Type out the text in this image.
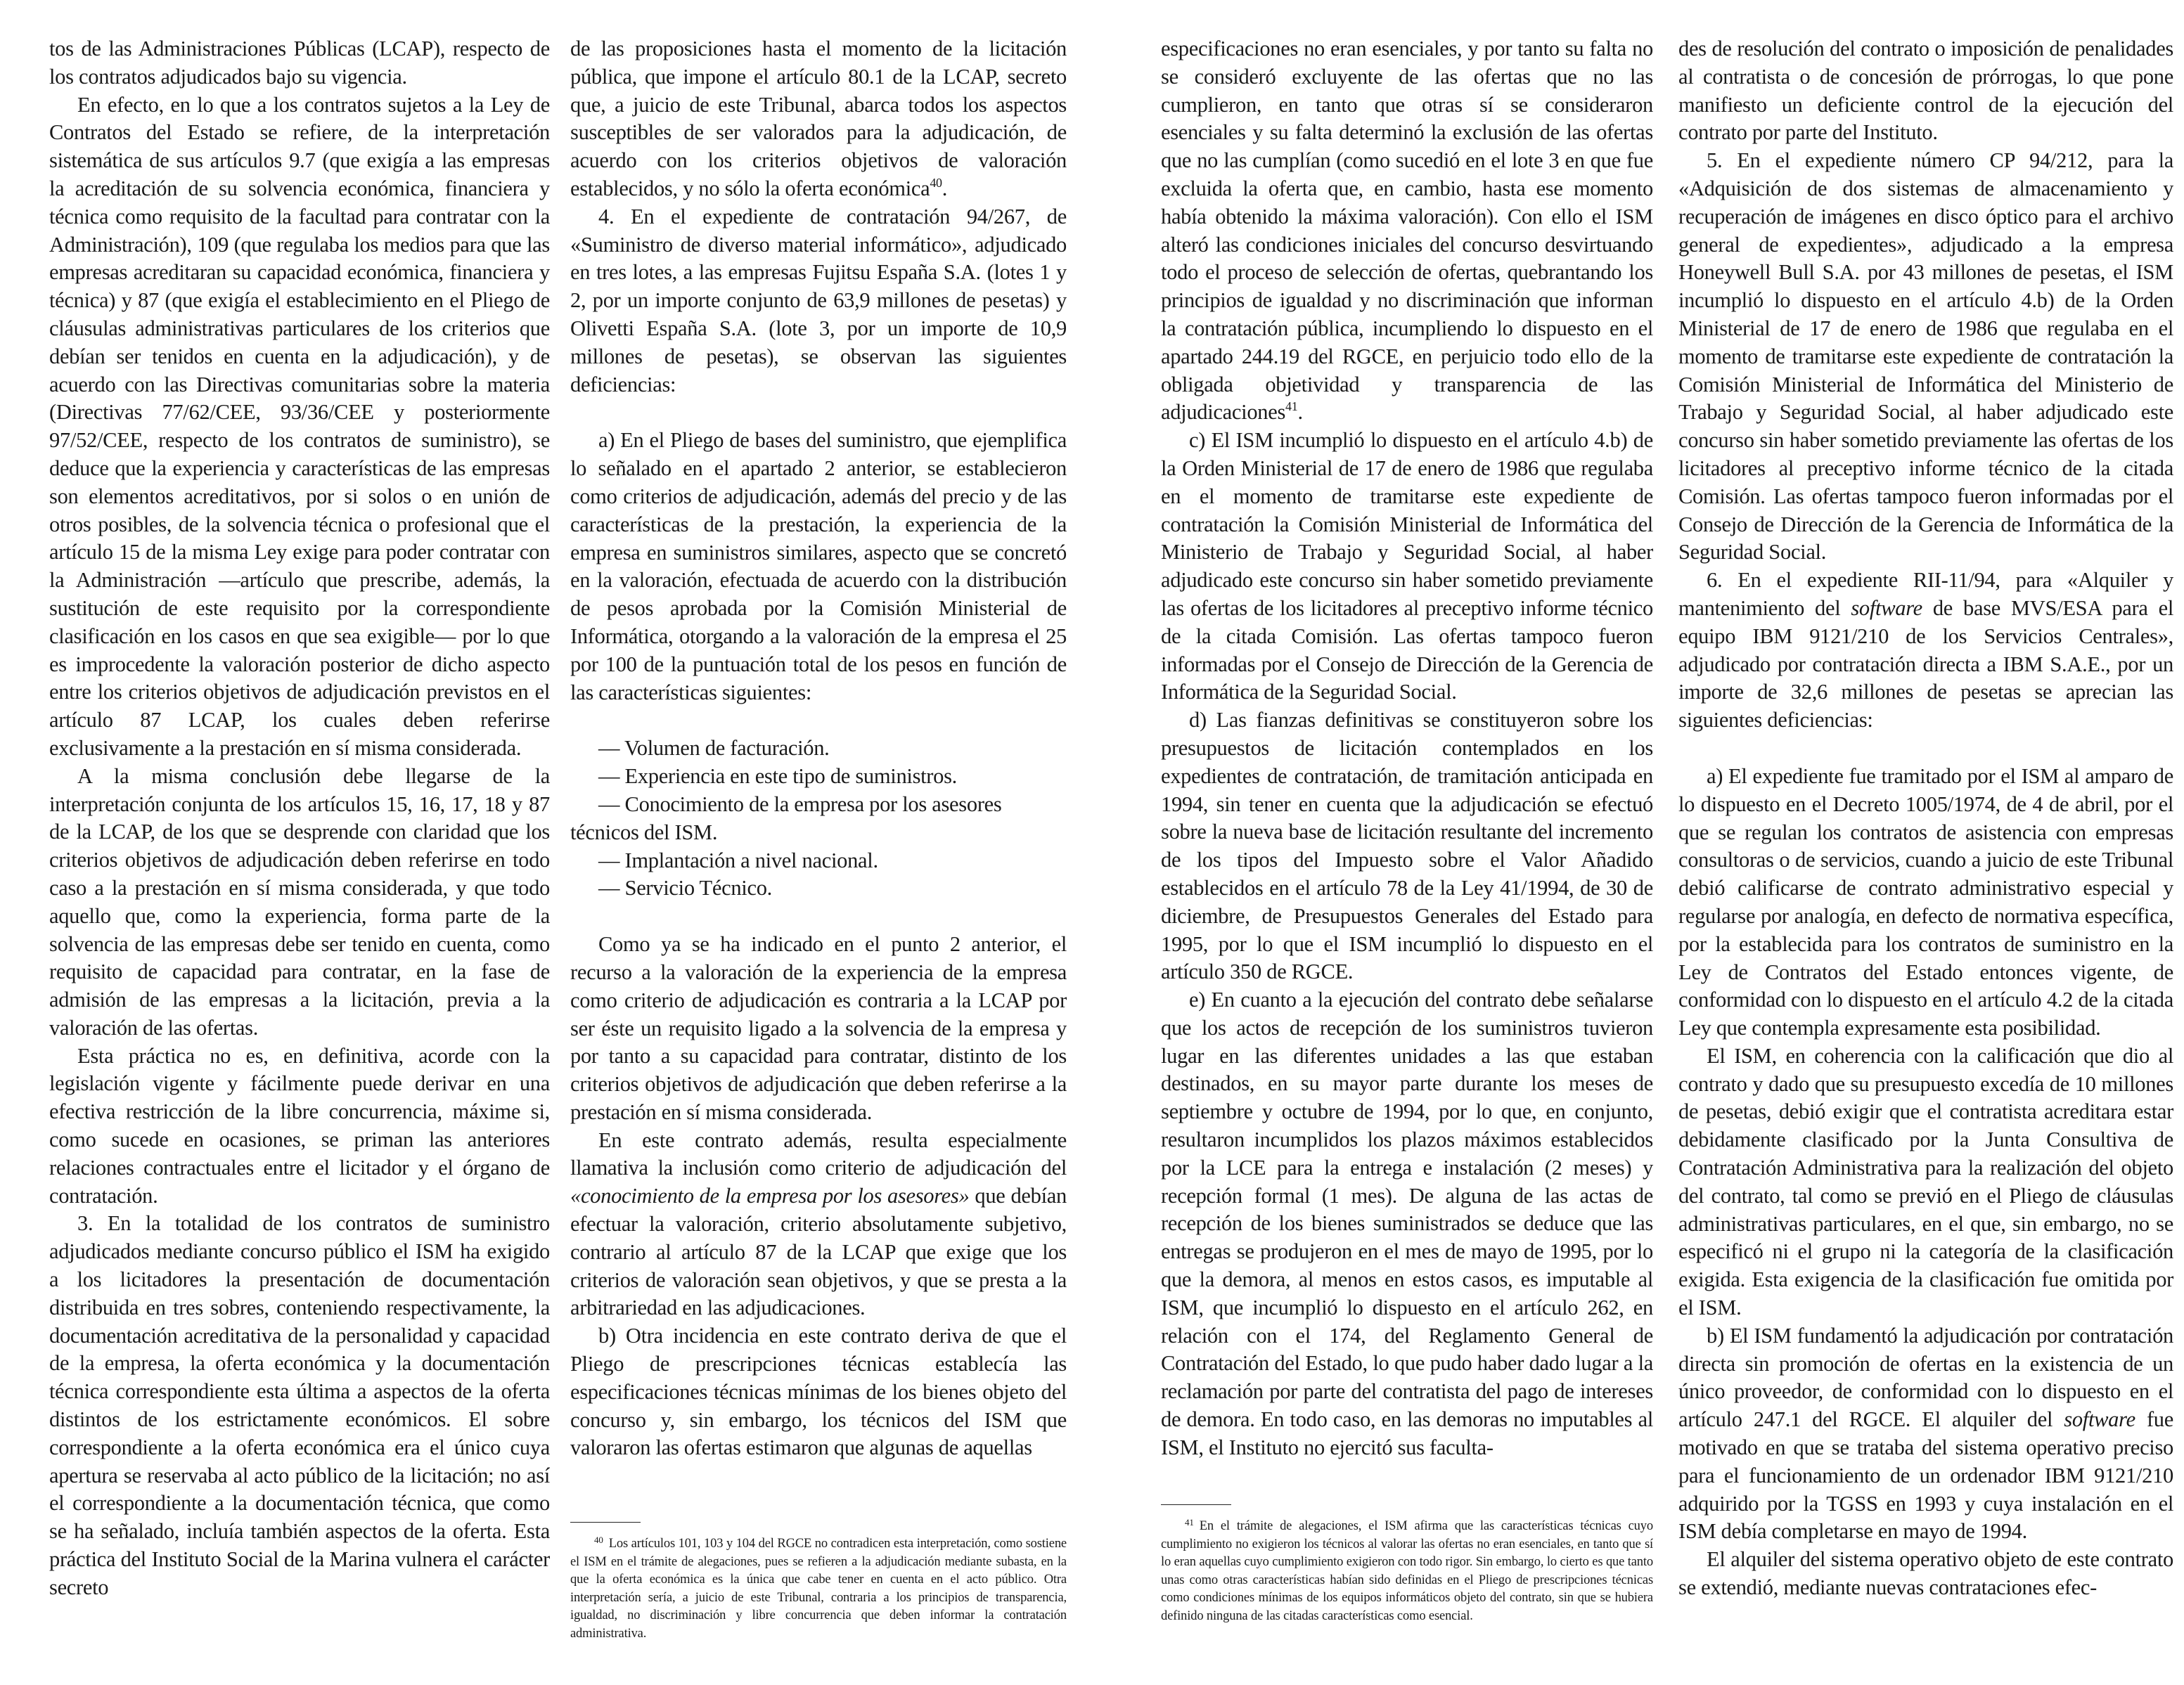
tos de las Administraciones Públicas (LCAP), respecto de los contratos adjudicados bajo su vigencia.

En efecto, en lo que a los contratos sujetos a la Ley de Contratos del Estado se refiere, de la interpretación sistemática de sus artículos 9.7 (que exigía a las empresas la acreditación de su solvencia económica, financiera y técnica como requisito de la facultad para contratar con la Administración), 109 (que regulaba los medios para que las empresas acreditaran su capacidad económica, financiera y técnica) y 87 (que exigía el establecimiento en el Pliego de cláusulas administrativas particulares de los criterios que debían ser tenidos en cuenta en la adjudicación), y de acuerdo con las Directivas comunitarias sobre la materia (Directivas 77/62/CEE, 93/36/CEE y posteriormente 97/52/CEE, respecto de los contratos de suministro), se deduce que la experiencia y características de las empresas son elementos acreditativos, por si solos o en unión de otros posibles, de la solvencia técnica o profesional que el artículo 15 de la misma Ley exige para poder contratar con la Administración —artículo que prescribe, además, la sustitución de este requisito por la correspondiente clasificación en los casos en que sea exigible— por lo que es improcedente la valoración posterior de dicho aspecto entre los criterios objetivos de adjudicación previstos en el artículo 87 LCAP, los cuales deben referirse exclusivamente a la prestación en sí misma considerada.

A la misma conclusión debe llegarse de la interpretación conjunta de los artículos 15, 16, 17, 18 y 87 de la LCAP, de los que se desprende con claridad que los criterios objetivos de adjudicación deben referirse en todo caso a la prestación en sí misma considerada, y que todo aquello que, como la experiencia, forma parte de la solvencia de las empresas debe ser tenido en cuenta, como requisito de capacidad para contratar, en la fase de admisión de las empresas a la licitación, previa a la valoración de las ofertas.

Esta práctica no es, en definitiva, acorde con la legislación vigente y fácilmente puede derivar en una efectiva restricción de la libre concurrencia, máxime si, como sucede en ocasiones, se priman las anteriores relaciones contractuales entre el licitador y el órgano de contratación.

3. En la totalidad de los contratos de suministro adjudicados mediante concurso público el ISM ha exigido a los licitadores la presentación de documentación distribuida en tres sobres, conteniendo respectivamente, la documentación acreditativa de la personalidad y capacidad de la empresa, la oferta económica y la documentación técnica correspondiente esta última a aspectos de la oferta distintos de los estrictamente económicos. El sobre correspondiente a la oferta económica era el único cuya apertura se reservaba al acto público de la licitación; no así el correspondiente a la documentación técnica, que como se ha señalado, incluía también aspectos de la oferta. Esta práctica del Instituto Social de la Marina vulnera el carácter secreto

de las proposiciones hasta el momento de la licitación pública, que impone el artículo 80.1 de la LCAP, secreto que, a juicio de este Tribunal, abarca todos los aspectos susceptibles de ser valorados para la adjudicación, de acuerdo con los criterios objetivos de valoración establecidos, y no sólo la oferta económica$^{40}$.

4. En el expediente de contratación 94/267, de «Suministro de diverso material informático», adjudicado en tres lotes, a las empresas Fujitsu España S.A. (lotes 1 y 2, por un importe conjunto de 63,9 millones de pesetas) y Olivetti España S.A. (lote 3, por un importe de 10,9 millones de pesetas), se observan las siguientes deficiencias:

a) En el Pliego de bases del suministro, que ejemplifica lo señalado en el apartado 2 anterior, se establecieron como criterios de adjudicación, además del precio y de las características de la prestación, la experiencia de la empresa en suministros similares, aspecto que se concretó en la valoración, efectuada de acuerdo con la distribución de pesos aprobada por la Comisión Ministerial de Informática, otorgando a la valoración de la empresa el 25 por 100 de la puntuación total de los pesos en función de las características siguientes:

— Volumen de facturación.

— Experiencia en este tipo de suministros.

— Conocimiento de la empresa por los asesores técnicos del ISM.

— Implantación a nivel nacional.

— Servicio Técnico.

Como ya se ha indicado en el punto 2 anterior, el recurso a la valoración de la experiencia de la empresa como criterio de adjudicación es contraria a la LCAP por ser éste un requisito ligado a la solvencia de la empresa y por tanto a su capacidad para contratar, distinto de los criterios objetivos de adjudicación que deben referirse a la prestación en sí misma considerada.

En este contrato además, resulta especialmente llamativa la inclusión como criterio de adjudicación del «conocimiento de la empresa por los asesores» que debían efectuar la valoración, criterio absolutamente subjetivo, contrario al artículo 87 de la LCAP que exige que los criterios de valoración sean objetivos, y que se presta a la arbitrariedad en las adjudicaciones.

b) Otra incidencia en este contrato deriva de que el Pliego de prescripciones técnicas establecía las especificaciones técnicas mínimas de los bienes objeto del concurso y, sin embargo, los técnicos del ISM que valoraron las ofertas estimaron que algunas de aquellas

$^{40}$ Los artículos 101, 103 y 104 del RGCE no contradicen esta interpretación, como sostiene el ISM en el trámite de alegaciones, pues se refieren a la adjudicación mediante subasta, en la que la oferta económica es la única que cabe tener en cuenta en el acto público. Otra interpretación sería, a juicio de este Tribunal, contraria a los principios de transparencia, igualdad, no discriminación y libre concurrencia que deben informar la contratación administrativa.

especificaciones no eran esenciales, y por tanto su falta no se consideró excluyente de las ofertas que no las cumplieron, en tanto que otras sí se consideraron esenciales y su falta determinó la exclusión de las ofertas que no las cumplían (como sucedió en el lote 3 en que fue excluida la oferta que, en cambio, hasta ese momento había obtenido la máxima valoración). Con ello el ISM alteró las condiciones iniciales del concurso desvirtuando todo el proceso de selección de ofertas, quebrantando los principios de igualdad y no discriminación que informan la contratación pública, incumpliendo lo dispuesto en el apartado 244.19 del RGCE, en perjuicio todo ello de la obligada objetividad y transparencia de las adjudicaciones$^{41}$.

c) El ISM incumplió lo dispuesto en el artículo 4.b) de la Orden Ministerial de 17 de enero de 1986 que regulaba en el momento de tramitarse este expediente de contratación la Comisión Ministerial de Informática del Ministerio de Trabajo y Seguridad Social, al haber adjudicado este concurso sin haber sometido previamente las ofertas de los licitadores al preceptivo informe técnico de la citada Comisión. Las ofertas tampoco fueron informadas por el Consejo de Dirección de la Gerencia de Informática de la Seguridad Social.

d) Las fianzas definitivas se constituyeron sobre los presupuestos de licitación contemplados en los expedientes de contratación, de tramitación anticipada en 1994, sin tener en cuenta que la adjudicación se efectuó sobre la nueva base de licitación resultante del incremento de los tipos del Impuesto sobre el Valor Añadido establecidos en el artículo 78 de la Ley 41/1994, de 30 de diciembre, de Presupuestos Generales del Estado para 1995, por lo que el ISM incumplió lo dispuesto en el artículo 350 de RGCE.

e) En cuanto a la ejecución del contrato debe señalarse que los actos de recepción de los suministros tuvieron lugar en las diferentes unidades a las que estaban destinados, en su mayor parte durante los meses de septiembre y octubre de 1994, por lo que, en conjunto, resultaron incumplidos los plazos máximos establecidos por la LCE para la entrega e instalación (2 meses) y recepción formal (1 mes). De alguna de las actas de recepción de los bienes suministrados se deduce que las entregas se produjeron en el mes de mayo de 1995, por lo que la demora, al menos en estos casos, es imputable al ISM, que incumplió lo dispuesto en el artículo 262, en relación con el 174, del Reglamento General de Contratación del Estado, lo que pudo haber dado lugar a la reclamación por parte del contratista del pago de intereses de demora. En todo caso, en las demoras no imputables al ISM, el Instituto no ejercitó sus faculta-

des de resolución del contrato o imposición de penalidades al contratista o de concesión de prórrogas, lo que pone manifiesto un deficiente control de la ejecución del contrato por parte del Instituto.

5. En el expediente número CP 94/212, para la «Adquisición de dos sistemas de almacenamiento y recuperación de imágenes en disco óptico para el archivo general de expedientes», adjudicado a la empresa Honeywell Bull S.A. por 43 millones de pesetas, el ISM incumplió lo dispuesto en el artículo 4.b) de la Orden Ministerial de 17 de enero de 1986 que regulaba en el momento de tramitarse este expediente de contratación la Comisión Ministerial de Informática del Ministerio de Trabajo y Seguridad Social, al haber adjudicado este concurso sin haber sometido previamente las ofertas de los licitadores al preceptivo informe técnico de la citada Comisión. Las ofertas tampoco fueron informadas por el Consejo de Dirección de la Gerencia de Informática de la Seguridad Social.

6. En el expediente RII-11/94, para «Alquiler y mantenimiento del software de base MVS/ESA para el equipo IBM 9121/210 de los Servicios Centrales», adjudicado por contratación directa a IBM S.A.E., por un importe de 32,6 millones de pesetas se aprecian las siguientes deficiencias:

a) El expediente fue tramitado por el ISM al amparo de lo dispuesto en el Decreto 1005/1974, de 4 de abril, por el que se regulan los contratos de asistencia con empresas consultoras o de servicios, cuando a juicio de este Tribunal debió calificarse de contrato administrativo especial y regularse por analogía, en defecto de normativa específica, por la establecida para los contratos de suministro en la Ley de Contratos del Estado entonces vigente, de conformidad con lo dispuesto en el artículo 4.2 de la citada Ley que contempla expresamente esta posibilidad.

El ISM, en coherencia con la calificación que dio al contrato y dado que su presupuesto excedía de 10 millones de pesetas, debió exigir que el contratista acreditara estar debidamente clasificado por la Junta Consultiva de Contratación Administrativa para la realización del objeto del contrato, tal como se previó en el Pliego de cláusulas administrativas particulares, en el que, sin embargo, no se especificó ni el grupo ni la categoría de la clasificación exigida. Esta exigencia de la clasificación fue omitida por el ISM.

b) El ISM fundamentó la adjudicación por contratación directa sin promoción de ofertas en la existencia de un único proveedor, de conformidad con lo dispuesto en el artículo 247.1 del RGCE. El alquiler del software fue motivado en que se trataba del sistema operativo preciso para el funcionamiento de un ordenador IBM 9121/210 adquirido por la TGSS en 1993 y cuya instalación en el ISM debía completarse en mayo de 1994.

El alquiler del sistema operativo objeto de este contrato se extendió, mediante nuevas contrataciones efec-

$^{41}$ En el trámite de alegaciones, el ISM afirma que las características técnicas cuyo cumplimiento no exigieron los técnicos al valorar las ofertas no eran esenciales, en tanto que sí lo eran aquellas cuyo cumplimiento exigieron con todo rigor. Sin embargo, lo cierto es que tanto unas como otras características habían sido definidas en el Pliego de prescripciones técnicas como condiciones mínimas de los equipos informáticos objeto del contrato, sin que se hubiera definido ninguna de las citadas características como esencial.
